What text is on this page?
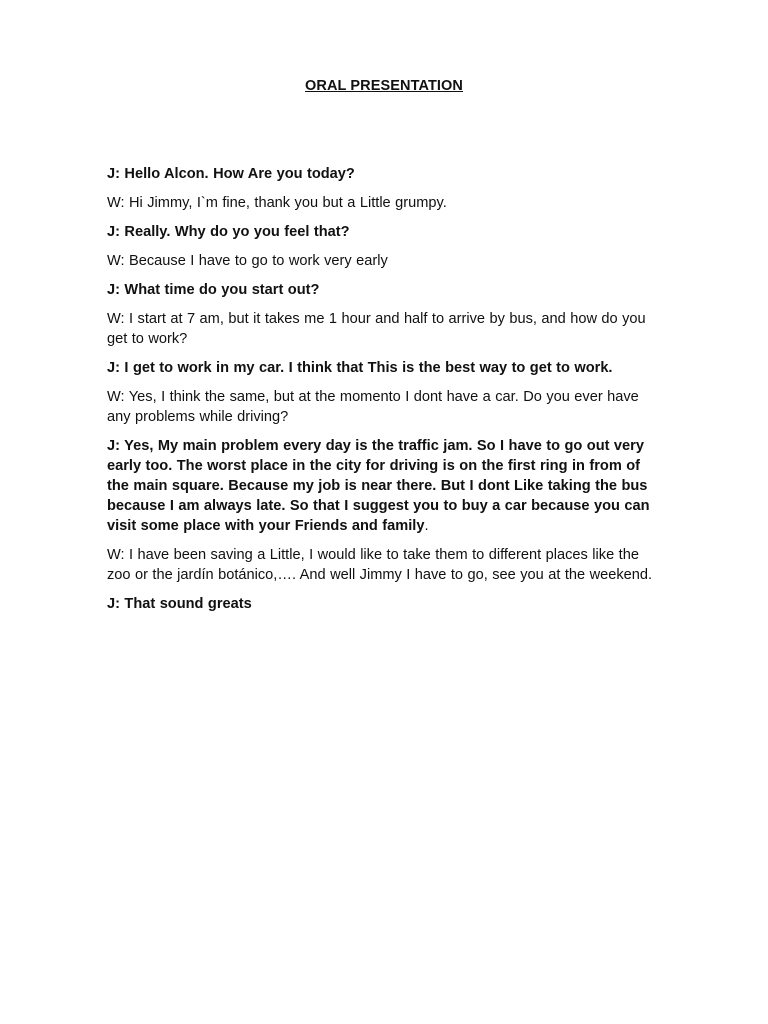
ORAL PRESENTATION

J: Hello Alcon. How Are you today?

W: Hi Jimmy, I`m fine, thank you but a Little grumpy.

J: Really. Why do yo you feel that?

W: Because I have to go to work very early

J: What time do you start out?

W: I start at 7 am, but it takes me 1 hour and half to arrive by bus, and how do you get to work?

J: I get to work in my car. I think that This is the best way to get to work.

W: Yes, I think the same, but at the momento I dont have a car. Do you ever have any problems while driving?

J: Yes, My main problem every day is the traffic jam. So I have to go out very early too. The worst place in the city for driving is on the first ring in from of the main square. Because my job is near there. But I dont Like taking the bus because I am always late. So that I suggest you to buy a car because you can visit some place with your Friends and family.

W: I have been saving a Little, I would like to take them to different places like the zoo or the jardín botánico,…. And well Jimmy I have to go, see you at the weekend.

J: That sound greats
